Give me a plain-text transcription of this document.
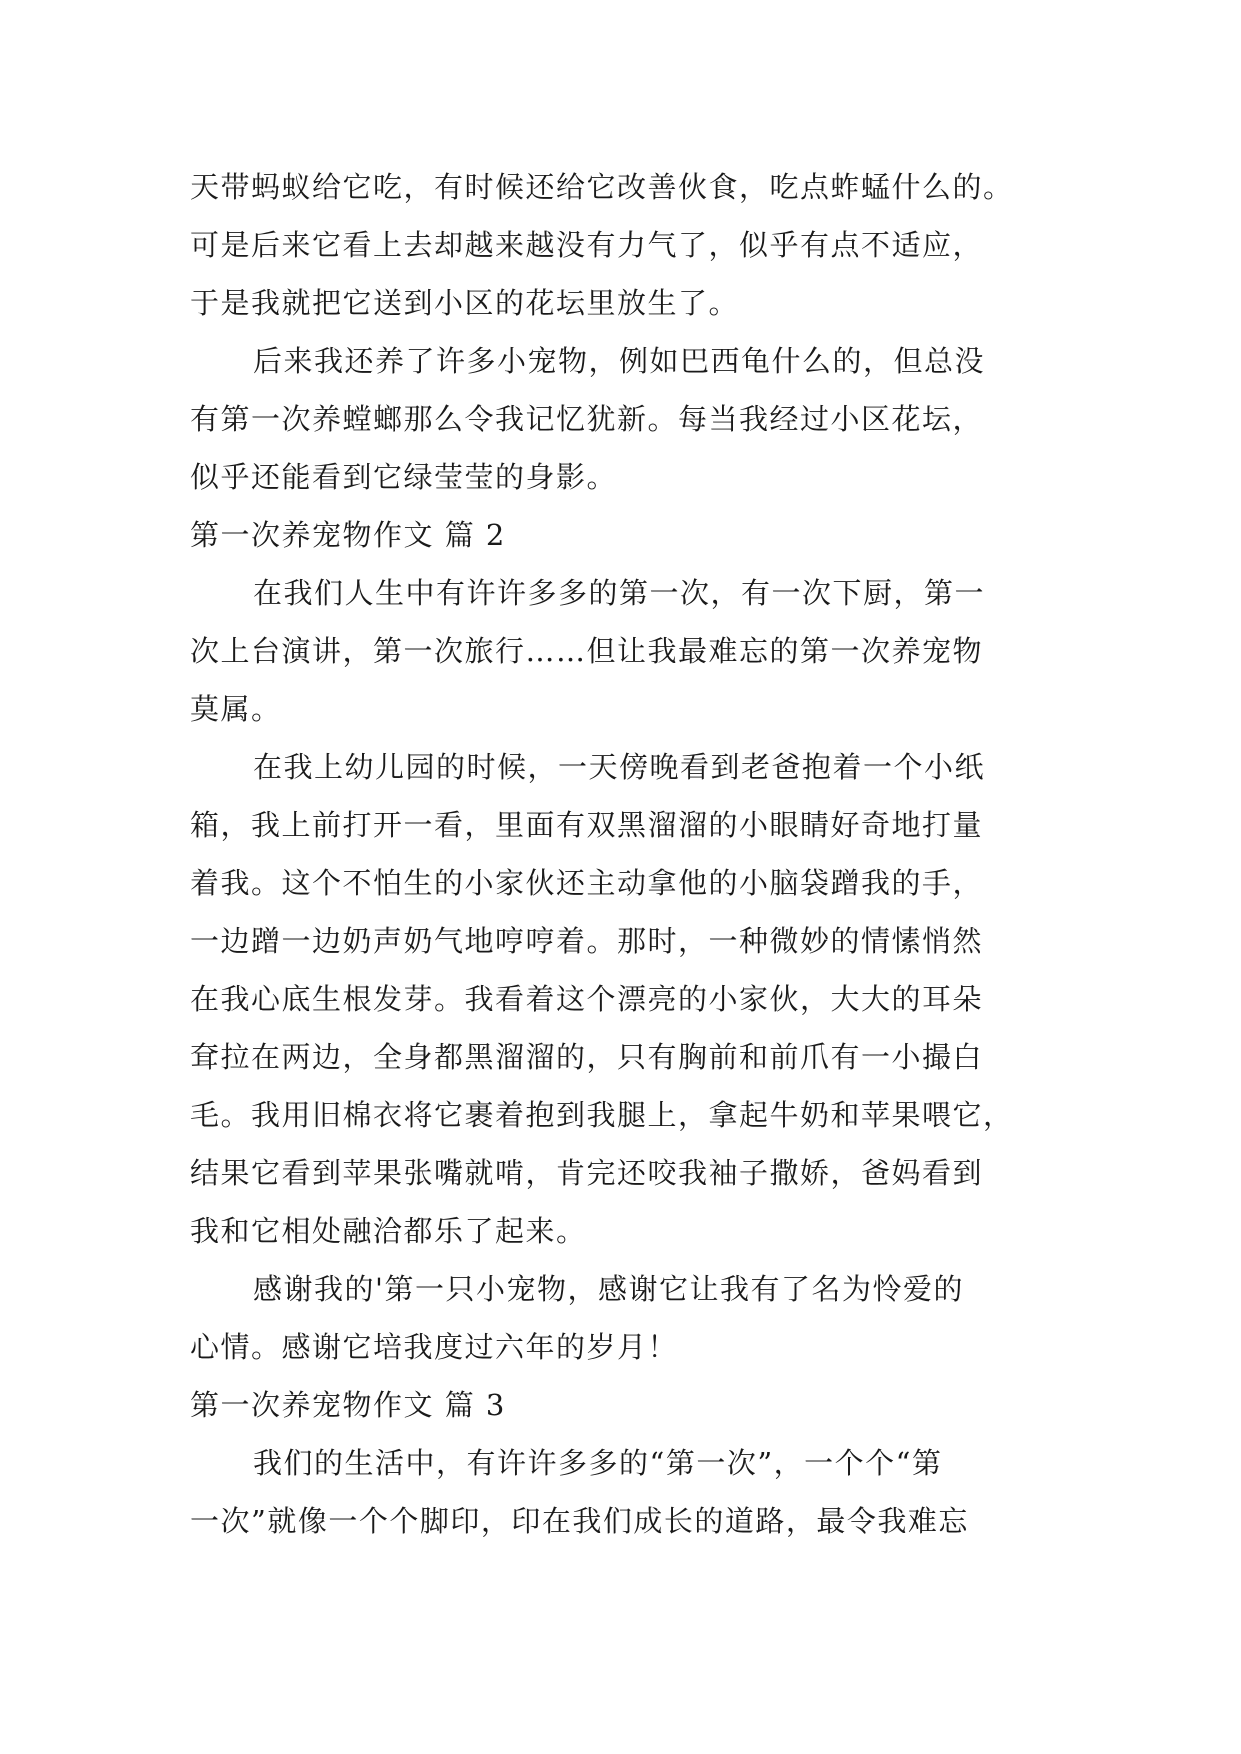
天带蚂蚁给它吃，有时候还给它改善伙食，吃点蚱蜢什么的。
可是后来它看上去却越来越没有力气了，似乎有点不适应，
于是我就把它送到小区的花坛里放生了。
后来我还养了许多小宠物，例如巴西龟什么的，但总没
有第一次养螳螂那么令我记忆犹新。每当我经过小区花坛，
似乎还能看到它绿莹莹的身影。
第一次养宠物作文 篇 2
在我们人生中有许许多多的第一次，有一次下厨，第一
次上台演讲，第一次旅行……但让我最难忘的第一次养宠物
莫属。
在我上幼儿园的时候，一天傍晚看到老爸抱着一个小纸
箱，我上前打开一看，里面有双黑溜溜的小眼睛好奇地打量
着我。这个不怕生的小家伙还主动拿他的小脑袋蹭我的手，
一边蹭一边奶声奶气地哼哼着。那时，一种微妙的情愫悄然
在我心底生根发芽。我看着这个漂亮的小家伙，大大的耳朵
耷拉在两边，全身都黑溜溜的，只有胸前和前爪有一小撮白
毛。我用旧棉衣将它裹着抱到我腿上，拿起牛奶和苹果喂它，
结果它看到苹果张嘴就啃，肯完还咬我袖子撒娇，爸妈看到
我和它相处融洽都乐了起来。
感谢我的'第一只小宠物，感谢它让我有了名为怜爱的
心情。感谢它培我度过六年的岁月！
第一次养宠物作文 篇 3
我们的生活中，有许许多多的“第一次”，一个个“第
一次”就像一个个脚印，印在我们成长的道路，最令我难忘
